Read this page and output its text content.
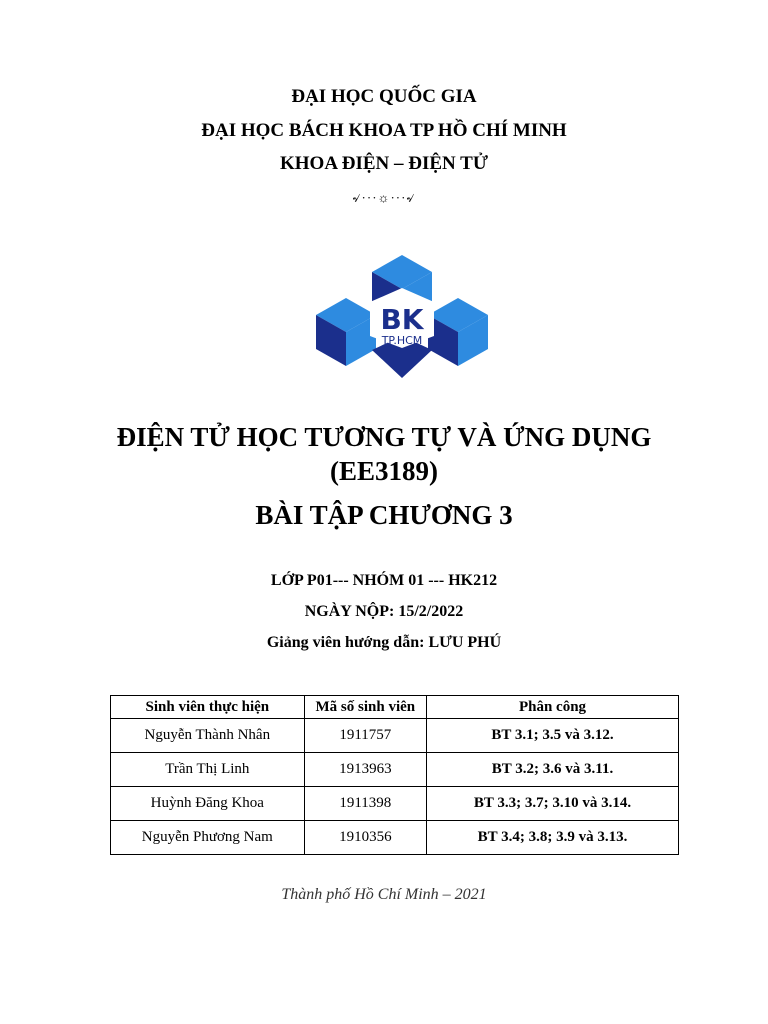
ĐẠI HỌC QUỐC GIA
ĐẠI HỌC BÁCH KHOA TP HỒ CHÍ MINH
KHOA ĐIỆN – ĐIỆN TỬ
৵···☼···৵
BK
TP.HCM
ĐIỆN TỬ HỌC TƯƠNG TỰ VÀ ỨNG DỤNG
(EE3189)
BÀI TẬP CHƯƠNG 3
LỚP P01--- NHÓM 01 --- HK212
NGÀY NỘP: 15/2/2022
Giảng viên hướng dẫn: LƯU PHÚ
Sinh viên thực hiện	Mã số sinh viên	Phân công
Nguyễn Thành Nhân	1911757	BT 3.1; 3.5 và 3.12.
Trần Thị Linh	1913963	BT 3.2; 3.6 và 3.11.
Huỳnh Đăng Khoa	1911398	BT 3.3; 3.7; 3.10 và 3.14.
Nguyễn Phương Nam	1910356	BT 3.4; 3.8; 3.9 và 3.13.
Thành phố Hồ Chí Minh – 2021
